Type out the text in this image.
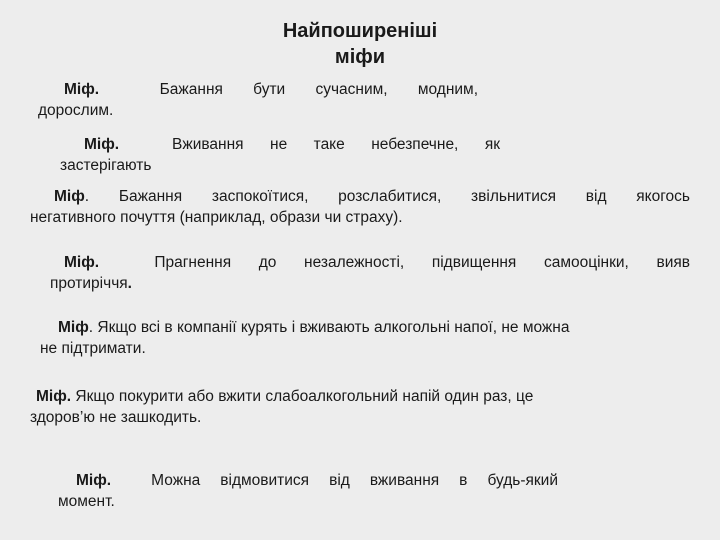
Найпоширеніші
міфи
Міф.	Бажання бути сучасним, модним,
дорослим.
Міф.	Вживання не таке небезпечне, як
застерігають
Міф. Бажання заспокоїтися, розслабитися, звільнитися від якогось
негативного почуття (наприклад, образи чи страху).
Міф.	Прагнення до незалежності, підвищення самооцінки, вияв
протиріччя.
Міф. Якщо всі в компанії курять і вживають алкогольні напої, не можна
не підтримати.
Міф. Якщо покурити або вжити слабоалкогольний напій один раз, це
здоров’ю не зашкодить.
Міф.	Можна відмовитися від вживання в будь-який
момент.
